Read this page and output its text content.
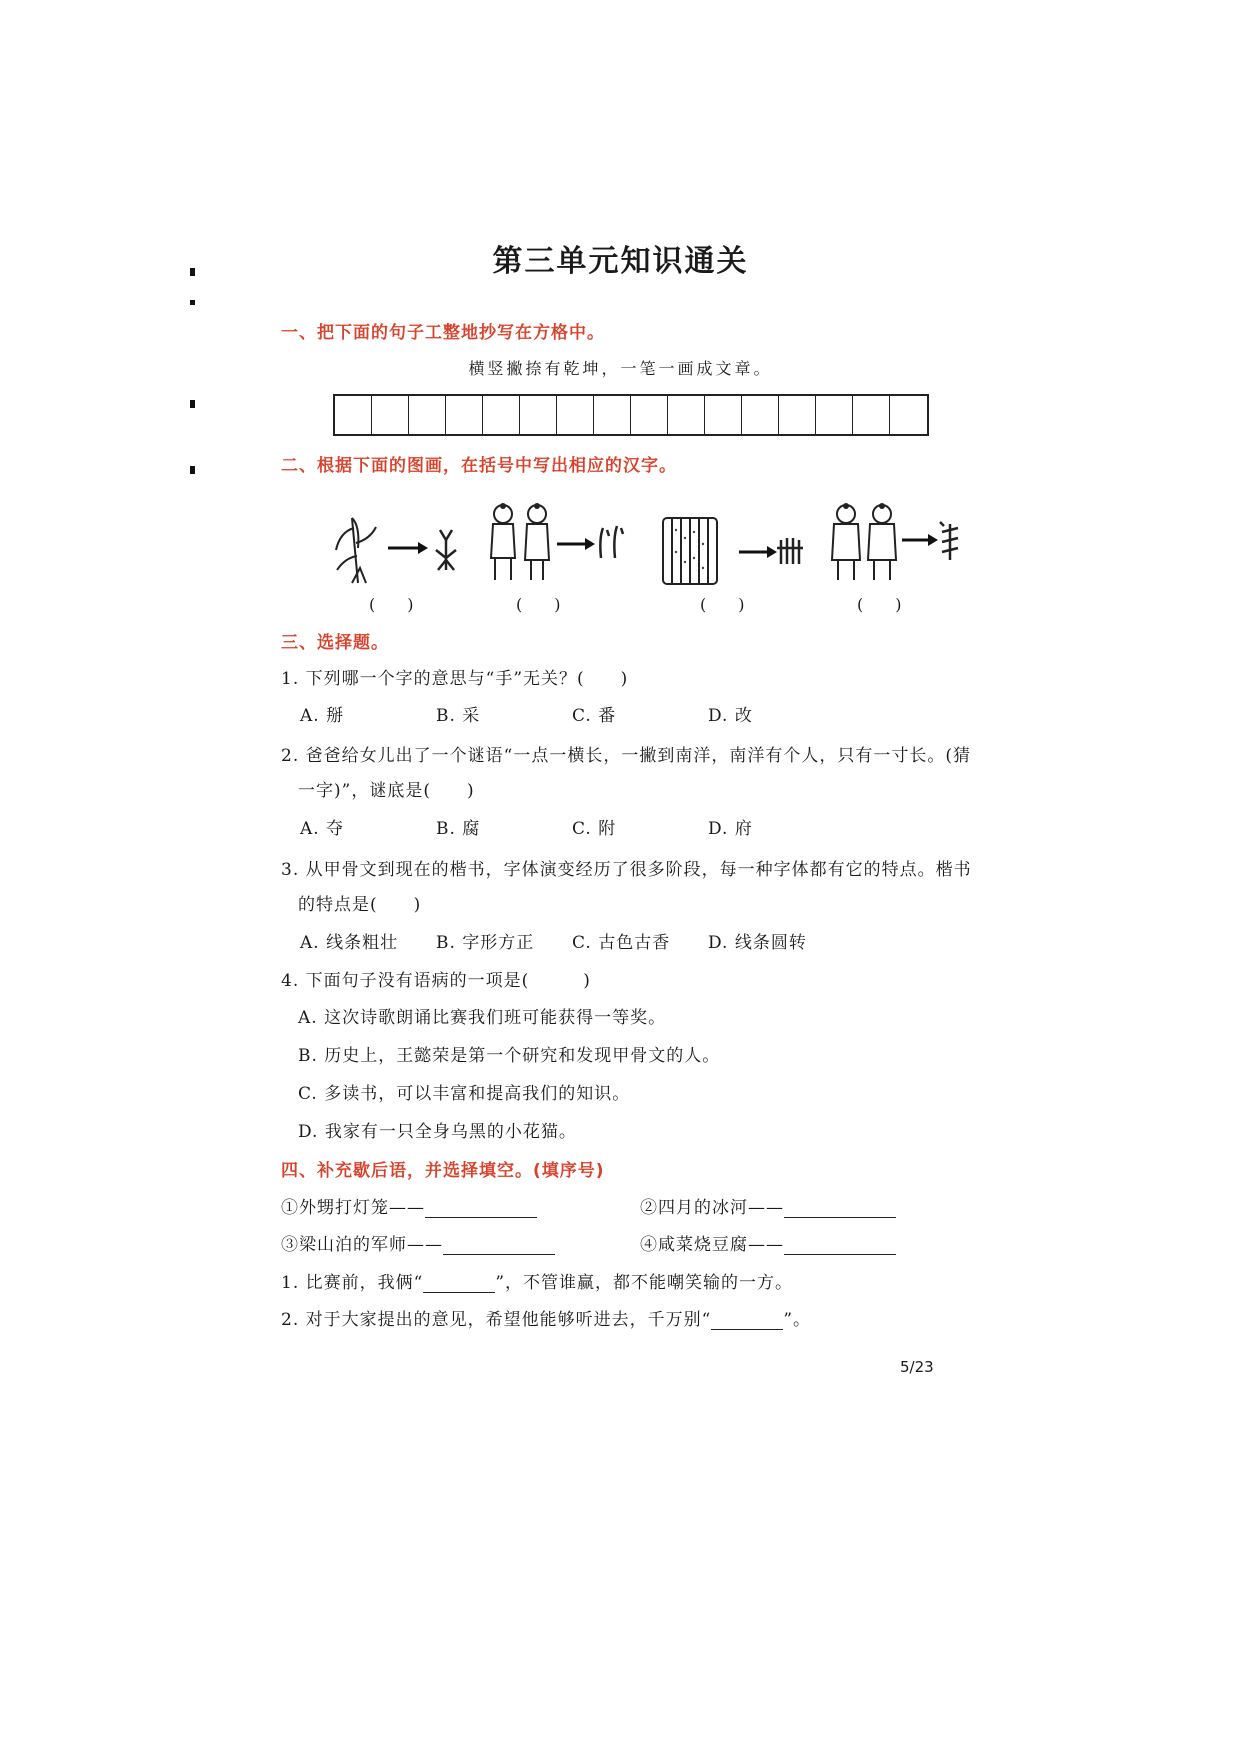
第三单元知识通关
一、把下面的句子工整地抄写在方格中。
横竖撇捺有乾坤，一笔一画成文章。
二、根据下面的图画，在括号中写出相应的汉字。
(　　)	(　　)	(　　)	(　　)
三、选择题。
1. 下列哪一个字的意思与“手”无关？(　　)
A. 掰	B. 采	C. 番	D. 改
2. 爸爸给女儿出了一个谜语“一点一横长，一撇到南洋，南洋有个人，只有一寸长。(猜
一字)”，谜底是(　　)
A. 夺	B. 腐	C. 附	D. 府
3. 从甲骨文到现在的楷书，字体演变经历了很多阶段，每一种字体都有它的特点。楷书
的特点是(　　)
A. 线条粗壮 B. 字形方正 C. 古色古香 D. 线条圆转
4. 下面句子没有语病的一项是(　　　)
A. 这次诗歌朗诵比赛我们班可能获得一等奖。
B. 历史上，王懿荣是第一个研究和发现甲骨文的人。
C. 多读书，可以丰富和提高我们的知识。
D. 我家有一只全身乌黑的小花猫。
四、补充歇后语，并选择填空。(填序号)
①外甥打灯笼——	②四月的冰河——
③梁山泊的军师——	④咸菜烧豆腐——
1. 比赛前，我俩“	”，不管谁赢，都不能嘲笑输的一方。
2. 对于大家提出的意见，希望他能够听进去，千万别“	”。
5/23
